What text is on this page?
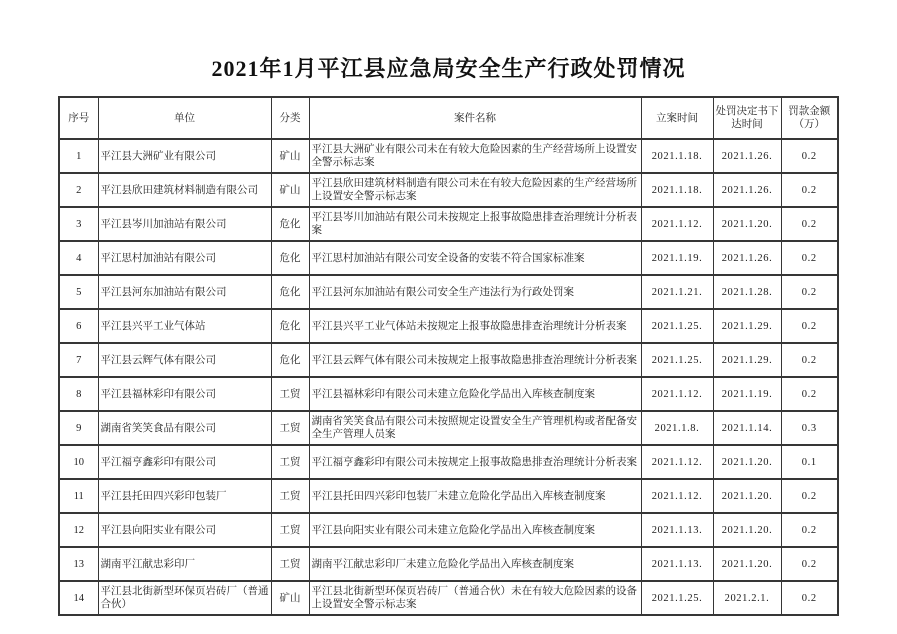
2021年1月平江县应急局安全生产行政处罚情况
序号	单位	分类	案件名称	立案时间	处罚决定书下达时间	罚款金额（万）
1	平江县大洲矿业有限公司	矿山	平江县大洲矿业有限公司未在有较大危险因素的生产经营场所上设置安全警示标志案	2021.1.18.	2021.1.26.	0.2
2	平江县欣田建筑材料制造有限公司	矿山	平江县欣田建筑材料制造有限公司未在有较大危险因素的生产经营场所上设置安全警示标志案	2021.1.18.	2021.1.26.	0.2
3	平江县岑川加油站有限公司	危化	平江县岑川加油站有限公司未按规定上报事故隐患排查治理统计分析表案	2021.1.12.	2021.1.20.	0.2
4	平江思村加油站有限公司	危化	平江思村加油站有限公司安全设备的安装不符合国家标准案	2021.1.19.	2021.1.26.	0.2
5	平江县河东加油站有限公司	危化	平江县河东加油站有限公司安全生产违法行为行政处罚案	2021.1.21.	2021.1.28.	0.2
6	平江县兴平工业气体站	危化	平江县兴平工业气体站未按规定上报事故隐患排查治理统计分析表案	2021.1.25.	2021.1.29.	0.2
7	平江县云辉气体有限公司	危化	平江县云辉气体有限公司未按规定上报事故隐患排查治理统计分析表案	2021.1.25.	2021.1.29.	0.2
8	平江县福林彩印有限公司	工贸	平江县福林彩印有限公司未建立危险化学品出入库核查制度案	2021.1.12.	2021.1.19.	0.2
9	湖南省笑笑食品有限公司	工贸	湖南省笑笑食品有限公司未按照规定设置安全生产管理机构或者配备安全生产管理人员案	2021.1.8.	2021.1.14.	0.3
10	平江福亨鑫彩印有限公司	工贸	平江福亨鑫彩印有限公司未按规定上报事故隐患排查治理统计分析表案	2021.1.12.	2021.1.20.	0.1
11	平江县托田四兴彩印包装厂	工贸	平江县托田四兴彩印包装厂未建立危险化学品出入库核查制度案	2021.1.12.	2021.1.20.	0.2
12	平江县向阳实业有限公司	工贸	平江县向阳实业有限公司未建立危险化学品出入库核查制度案	2021.1.13.	2021.1.20.	0.2
13	湖南平江献忠彩印厂	工贸	湖南平江献忠彩印厂未建立危险化学品出入库核查制度案	2021.1.13.	2021.1.20.	0.2
14	平江县北街新型环保页岩砖厂（普通合伙）	矿山	平江县北街新型环保页岩砖厂（普通合伙）未在有较大危险因素的设备上设置安全警示标志案	2021.1.25.	2021.2.1.	0.2
